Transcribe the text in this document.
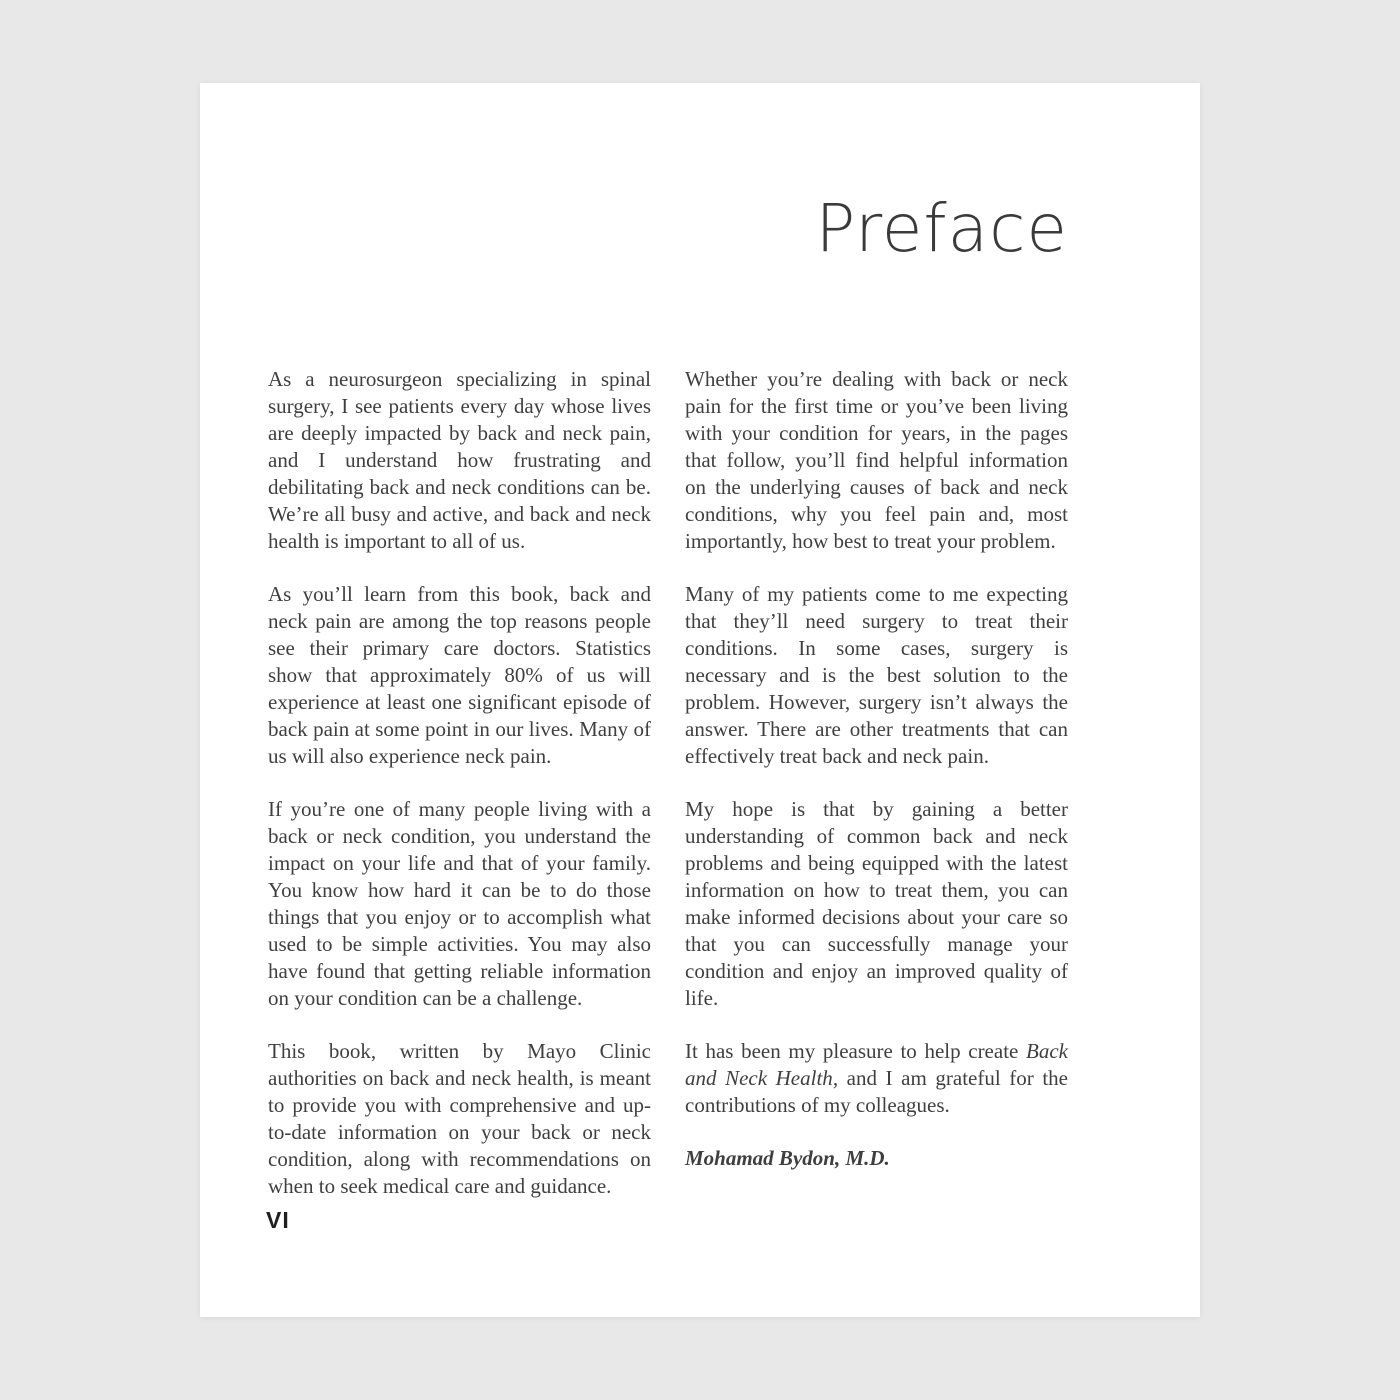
Preface

As a neurosurgeon specializing in spinal surgery, I see patients every day whose lives are deeply impacted by back and neck pain, and I understand how frustrating and debilitating back and neck conditions can be. We’re all busy and active, and back and neck health is important to all of us.

As you’ll learn from this book, back and neck pain are among the top reasons people see their primary care doctors. Statistics show that approximately 80% of us will experience at least one significant episode of back pain at some point in our lives. Many of us will also experience neck pain.

If you’re one of many people living with a back or neck condition, you understand the impact on your life and that of your family. You know how hard it can be to do those things that you enjoy or to accomplish what used to be simple activities. You may also have found that getting reliable information on your condition can be a challenge.

This book, written by Mayo Clinic authorities on back and neck health, is meant to provide you with comprehensive and up-to-date information on your back or neck condition, along with recommendations on when to seek medical care and guidance.

Whether you’re dealing with back or neck pain for the first time or you’ve been living with your condition for years, in the pages that follow, you’ll find helpful information on the underlying causes of back and neck conditions, why you feel pain and, most importantly, how best to treat your problem.

Many of my patients come to me expecting that they’ll need surgery to treat their conditions. In some cases, surgery is necessary and is the best solution to the problem. However, surgery isn’t always the answer. There are other treatments that can effectively treat back and neck pain.

My hope is that by gaining a better understanding of common back and neck problems and being equipped with the latest information on how to treat them, you can make informed decisions about your care so that you can successfully manage your condition and enjoy an improved quality of life.

It has been my pleasure to help create Back and Neck Health, and I am grateful for the contributions of my colleagues.

Mohamad Bydon, M.D.

VI
